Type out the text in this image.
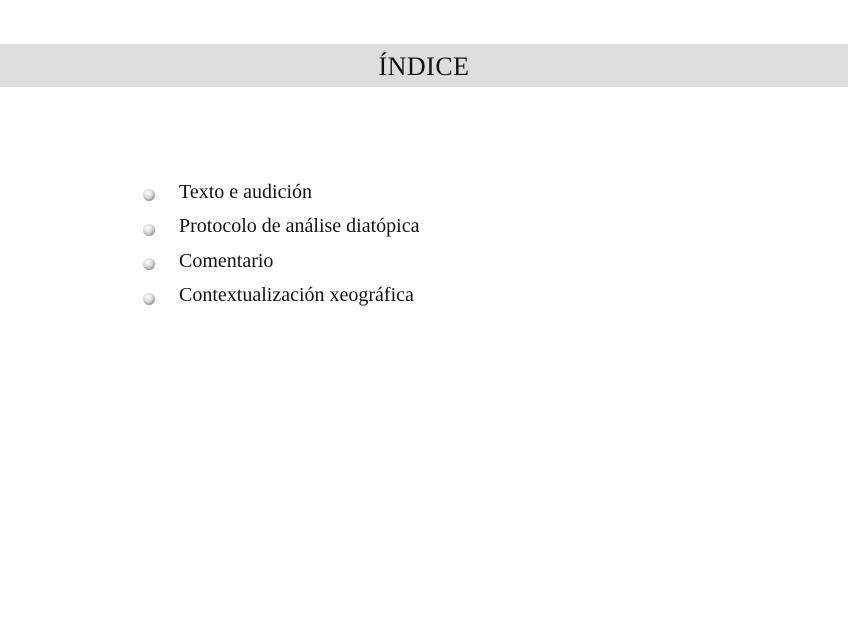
ÍNDICE
Texto e audición
Protocolo de análise diatópica
Comentario
Contextualización xeográfica
